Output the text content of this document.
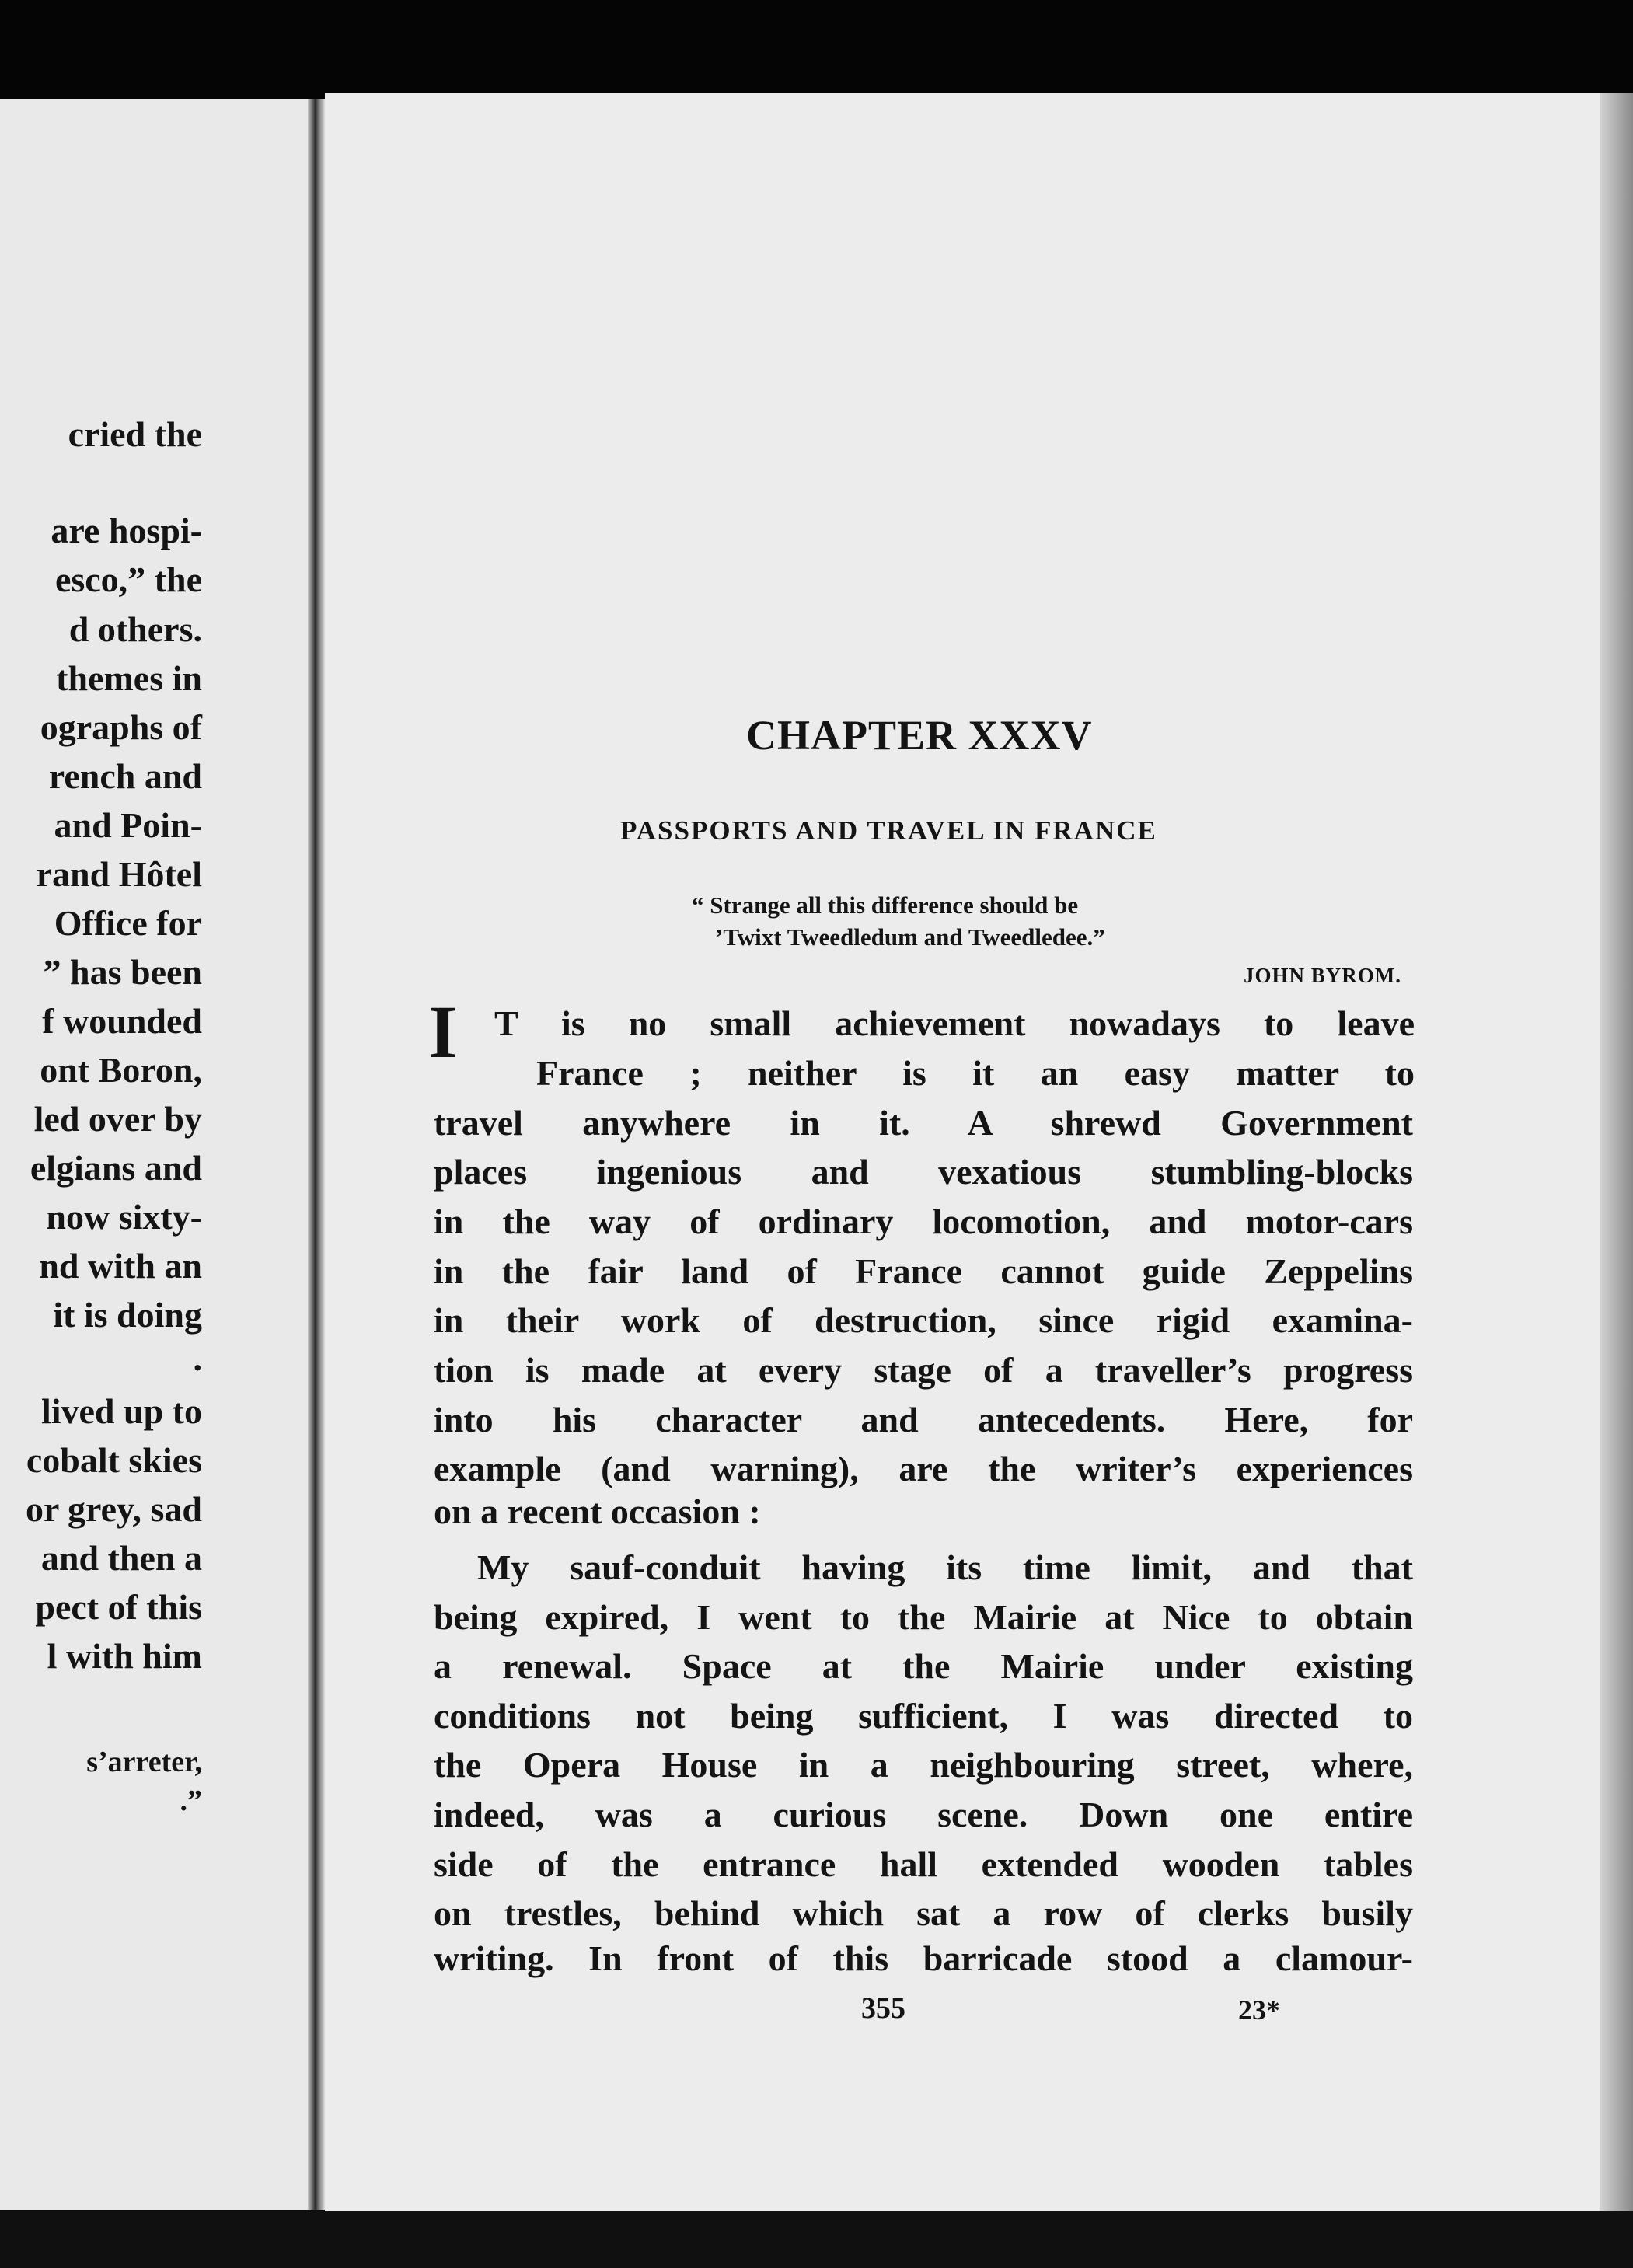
cried the

are hospi-

esco,” the

d others.

themes in

ographs of

rench and

and Poin-

rand Hôtel

Office for

” has been

f wounded

ont Boron,

led over by

elgians and

now sixty-

nd with an

it is doing

.

lived up to

cobalt skies

or grey, sad

and then a

pect of this

l with him

s’arreter,

.”

CHAPTER XXXV
PASSPORTS AND TRAVEL IN FRANCE

“ Strange all this difference should be

’Twixt Tweedledum and Tweedledee.”

JOHN BYROM.

I T is no small achievement nowadays to leave

France ; neither is it an easy matter to

travel anywhere in it. A shrewd Government

places ingenious and vexatious stumbling-blocks

in the way of ordinary locomotion, and motor-cars

in the fair land of France cannot guide Zeppelins

in their work of destruction, since rigid examina-

tion is made at every stage of a traveller’s progress

into his character and antecedents. Here, for

example (and warning), are the writer’s experiences

on a recent occasion :

My sauf-conduit having its time limit, and that

being expired, I went to the Mairie at Nice to obtain

a renewal. Space at the Mairie under existing

conditions not being sufficient, I was directed to

the Opera House in a neighbouring street, where,

indeed, was a curious scene. Down one entire

side of the entrance hall extended wooden tables

on trestles, behind which sat a row of clerks busily

writing. In front of this barricade stood a clamour-

355	23*
